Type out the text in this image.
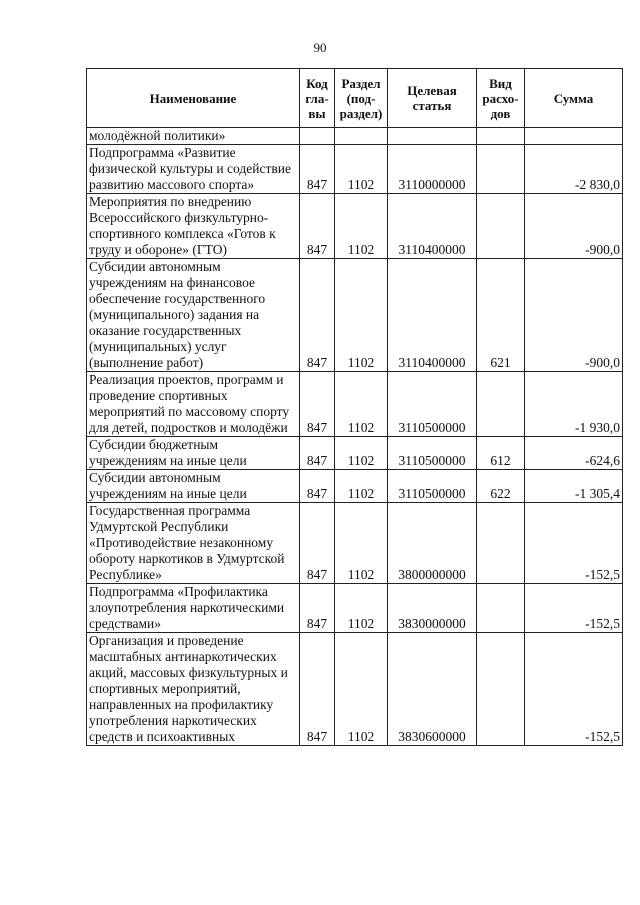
90
Наименование	Код гла- вы	Раздел (под- раздел)	Целевая статья	Вид расхо- дов	Сумма
молодёжной политики»					
Подпрограмма «Развитие физической культуры и содействие развитию массового спорта»	847	1102	3110000000		-2 830,0
Мероприятия по внедрению Всероссийского физкультурно-спортивного комплекса «Готов к труду и обороне» (ГТО)	847	1102	3110400000		-900,0
Субсидии автономным учреждениям на финансовое обеспечение государственного (муниципального) задания на оказание государственных (муниципальных) услуг (выполнение работ)	847	1102	3110400000	621	-900,0
Реализация проектов, программ и проведение спортивных мероприятий по массовому спорту для детей, подростков и молодёжи	847	1102	3110500000		-1 930,0
Субсидии бюджетным учреждениям на иные цели	847	1102	3110500000	612	-624,6
Субсидии автономным учреждениям на иные цели	847	1102	3110500000	622	-1 305,4
Государственная программа Удмуртской Республики «Противодействие незаконному обороту наркотиков в Удмуртской Республике»	847	1102	3800000000		-152,5
Подпрограмма «Профилактика злоупотребления наркотическими средствами»	847	1102	3830000000		-152,5
Организация и проведение масштабных антинаркотических акций, массовых физкультурных и спортивных мероприятий, направленных на профилактику употребления наркотических средств и психоактивных	847	1102	3830600000		-152,5
